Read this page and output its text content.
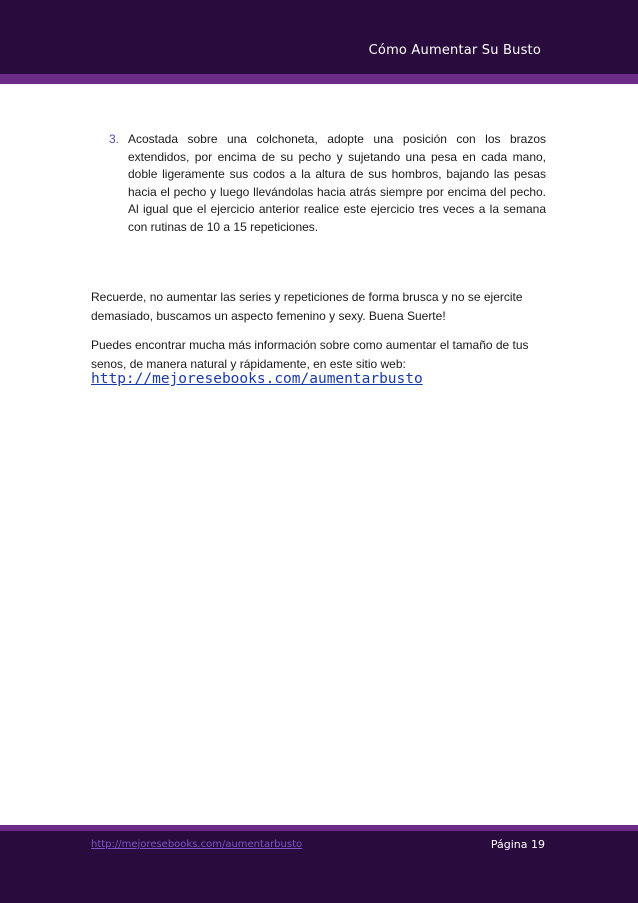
Cómo Aumentar Su Busto
3. Acostada sobre una colchoneta, adopte una posición con los brazos extendidos, por encima de su pecho y sujetando una pesa en cada mano, doble ligeramente sus codos a la altura de sus hombros, bajando las pesas hacia el pecho y luego llevándolas hacia atrás siempre por encima del pecho. Al igual que el ejercicio anterior realice este ejercicio tres veces a la semana con rutinas de 10 a 15 repeticiones.
Recuerde, no aumentar las series y repeticiones de forma brusca y no se ejercite demasiado, buscamos un aspecto femenino y sexy. Buena Suerte!
Puedes encontrar mucha más información sobre como aumentar el tamaño de tus senos, de manera natural y rápidamente, en este sitio web:
http://mejoresebooks.com/aumentarbusto
http://mejoresebooks.com/aumentarbusto	Página 19
